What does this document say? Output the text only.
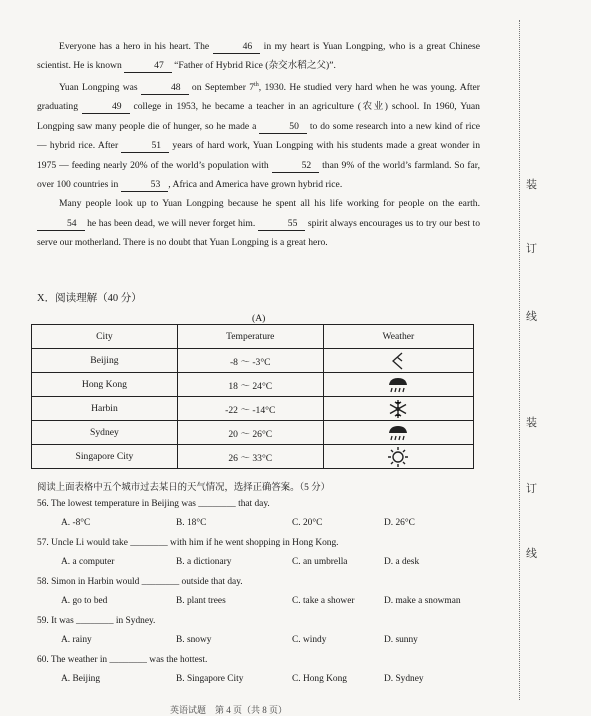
Everyone has a hero in his heart. The	46 in my heart is Yuan Longping, who is a great Chinese scientist. He is known	47 “Father of Hybrid Rice (杂交水稻之父)”.

Yuan Longping was	48 on September 7th, 1930. He studied very hard when he was young. After graduating	49 college in 1953, he became a teacher in an agriculture (农业) school. In 1960, Yuan Longping saw many people die of hunger, so he made a	50 to do some research into a new kind of rice — hybrid rice. After	51 years of hard work, Yuan Longping with his students made a great wonder in 1975 — feeding nearly 20% of the world’s population with	52 than 9% of the world’s farmland. So far, over 100 countries in	53 , Africa and America have grown hybrid rice.

Many people look up to Yuan Longping because he spent all his life working for people on the earth. 54 he has been dead, we will never forget him.	55 spirit always encourages us to try our best to serve our motherland. There is no doubt that Yuan Longping is a great hero.

X．阅读理解（40 分）
(A)
City	Temperature	Weather
Beijing	-8 ～ -3°C	

Hong Kong	18 ～ 24°C	

Harbin	-22 ～ -14°C	

Sydney	20 ～ 26°C	

Singapore City	26 ～ 33°C	
阅读上面表格中五个城市过去某日的天气情况，选择正确答案。（5 分）
56. The lowest temperature in Beijing was ________ that day.
A. -8°C	B. 18°C	C. 20°C	D. 26°C
57. Uncle Li would take ________ with him if he went shopping in Hong Kong.
A. a computer	B. a dictionary	C. an umbrella	D. a desk
58. Simon in Harbin would ________ outside that day.
A. go to bed	B. plant trees	C. take a shower	D. make a snowman
59. It was ________ in Sydney.
A. rainy	B. snowy	C. windy	D. sunny
60. The weather in ________ was the hottest.
A. Beijing	B. Singapore City	C. Hong Kong	D. Sydney
装
订
线
装
订
线
英语试题　第 4 页（共 8 页）
